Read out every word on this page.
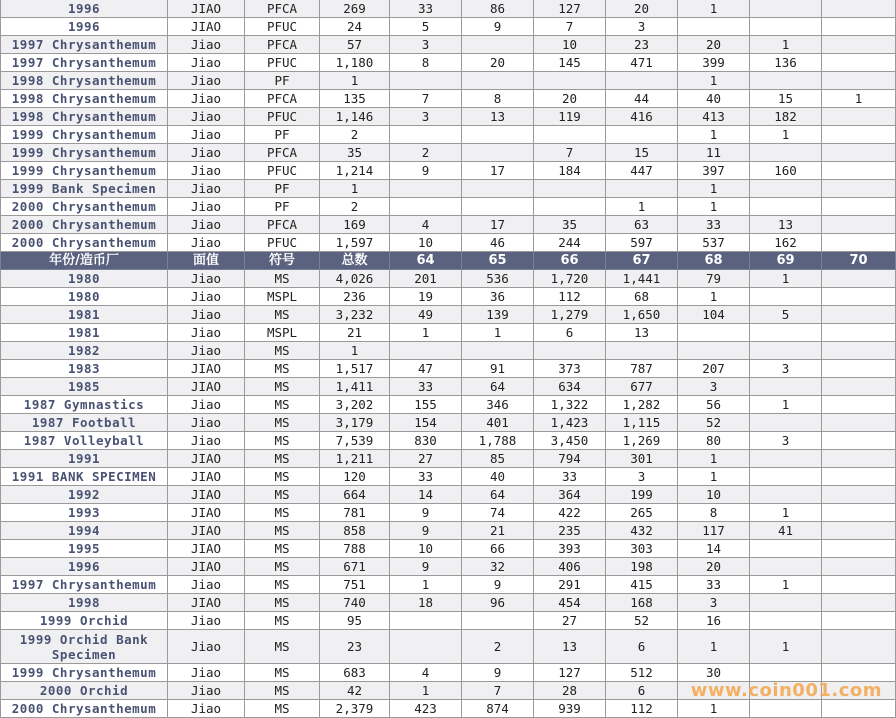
1996	JIAO	PFCA	269	33	86	127	20	1		
1996	JIAO	PFUC	24	5	9	7	3			
1997 Chrysanthemum	Jiao	PFCA	57	3		10	23	20	1	
1997 Chrysanthemum	Jiao	PFUC	1,180	8	20	145	471	399	136	
1998 Chrysanthemum	Jiao	PF	1					1		
1998 Chrysanthemum	Jiao	PFCA	135	7	8	20	44	40	15	1
1998 Chrysanthemum	Jiao	PFUC	1,146	3	13	119	416	413	182	
1999 Chrysanthemum	Jiao	PF	2					1	1	
1999 Chrysanthemum	Jiao	PFCA	35	2		7	15	11		
1999 Chrysanthemum	Jiao	PFUC	1,214	9	17	184	447	397	160	
1999 Bank Specimen	Jiao	PF	1					1		
2000 Chrysanthemum	Jiao	PF	2				1	1		
2000 Chrysanthemum	Jiao	PFCA	169	4	17	35	63	33	13	
2000 Chrysanthemum	Jiao	PFUC	1,597	10	46	244	597	537	162	
年份/造币厂	面值	符号	总数	64	65	66	67	68	69	70
1980	Jiao	MS	4,026	201	536	1,720	1,441	79	1	
1980	Jiao	MSPL	236	19	36	112	68	1		
1981	Jiao	MS	3,232	49	139	1,279	1,650	104	5	
1981	Jiao	MSPL	21	1	1	6	13			
1982	Jiao	MS	1							
1983	JIAO	MS	1,517	47	91	373	787	207	3	
1985	JIAO	MS	1,411	33	64	634	677	3		
1987 Gymnastics	Jiao	MS	3,202	155	346	1,322	1,282	56	1	
1987 Football	Jiao	MS	3,179	154	401	1,423	1,115	52		
1987 Volleyball	Jiao	MS	7,539	830	1,788	3,450	1,269	80	3	
1991	JIAO	MS	1,211	27	85	794	301	1		
1991 BANK SPECIMEN	JIAO	MS	120	33	40	33	3	1		
1992	JIAO	MS	664	14	64	364	199	10		
1993	JIAO	MS	781	9	74	422	265	8	1	
1994	JIAO	MS	858	9	21	235	432	117	41	
1995	JIAO	MS	788	10	66	393	303	14		
1996	JIAO	MS	671	9	32	406	198	20		
1997 Chrysanthemum	Jiao	MS	751	1	9	291	415	33	1	
1998	JIAO	MS	740	18	96	454	168	3		
1999 Orchid	Jiao	MS	95			27	52	16		
1999 Orchid Bank Specimen	Jiao	MS	23		2	13	6	1	1	
1999 Chrysanthemum	Jiao	MS	683	4	9	127	512	30		
2000 Orchid	Jiao	MS	42	1	7	28	6			
2000 Chrysanthemum	Jiao	MS	2,379	423	874	939	112	1		
www.coin001.com
